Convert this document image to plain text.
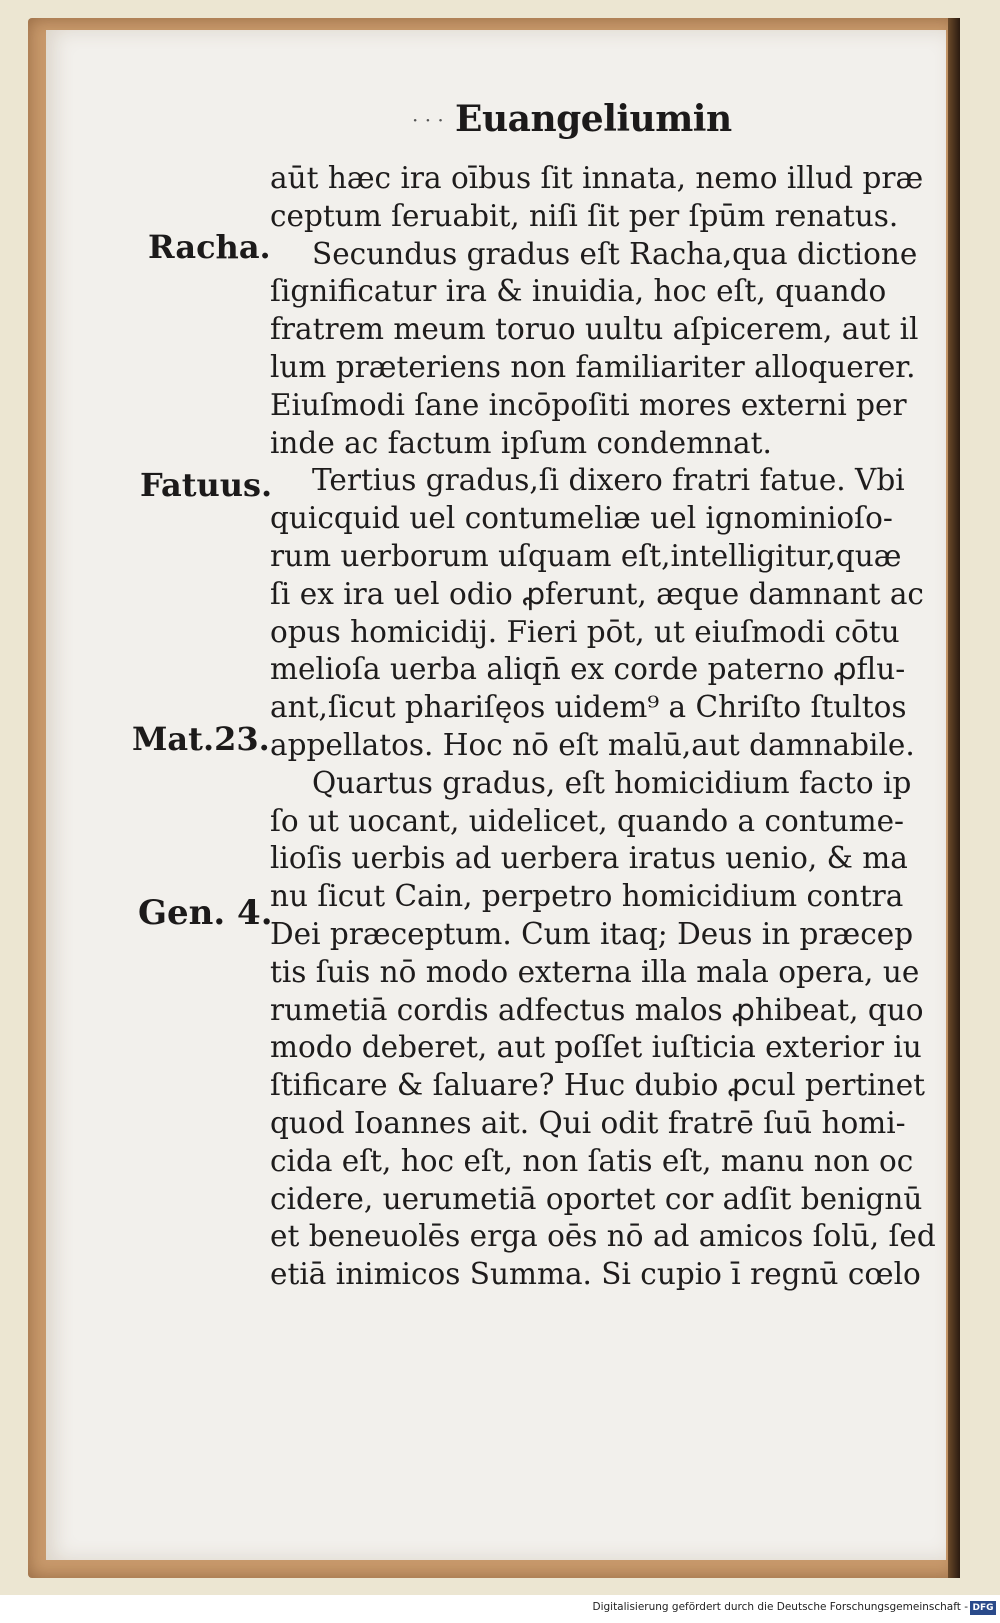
· · · Euangeliumin
Racha.
Fatuus.
Mat.23.
Gen. 4.
aūt hæc ira oībus ſit innata, nemo illud præ
ceptum ſeruabit, niſi ſit per ſpūm renatus.
Secundus gradus eſt Racha,qua dictione
ſignificatur ira & inuidia, hoc eſt, quando
fratrem meum toruo uultu aſpicerem, aut il
lum præteriens non familiariter alloquerer.
Eiuſmodi ſane incōpoſiti mores externi per
inde ac factum ipſum condemnat.
Tertius gradus,ſi dixero fratri fatue. Vbi
quicquid uel contumeliæ uel ignominioſo-
rum uerborum uſquam eſt,intelligitur,quæ
ſi ex ira uel odio ꝓferunt, æque damnant ac
opus homicidij. Fieri pōt, ut eiuſmodi cōtu
melioſa uerba aliqn̄ ex corde paterno ꝓflu-
ant,ſicut phariſęos uidem⁹ a Chriſto ſtultos
appellatos. Hoc nō eſt malū,aut damnabile.
Quartus gradus, eſt homicidium facto ip
ſo ut uocant, uidelicet, quando a contume-
lioſis uerbis ad uerbera iratus uenio, & ma
nu ſicut Cain, perpetro homicidium contra
Dei præceptum. Cum itaq; Deus in præcep
tis ſuis nō modo externa illa mala opera, ue
rumetiā cordis adfectus malos ꝓhibeat, quo
modo deberet, aut poſſet iuſticia exterior iu
ſtificare & ſaluare? Huc dubio ꝓcul pertinet
quod Ioannes ait. Qui odit fratrē ſuū homi-
cida eſt, hoc eſt, non ſatis eſt, manu non oc
cidere, uerumetiā oportet cor adſit benignū
et beneuolēs erga oēs nō ad amicos ſolū, ſed
etiā inimicos Summa. Si cupio ī regnū cœlo
Digitalisierung gefördert durch die Deutsche Forschungsgemeinschaft - DFG
